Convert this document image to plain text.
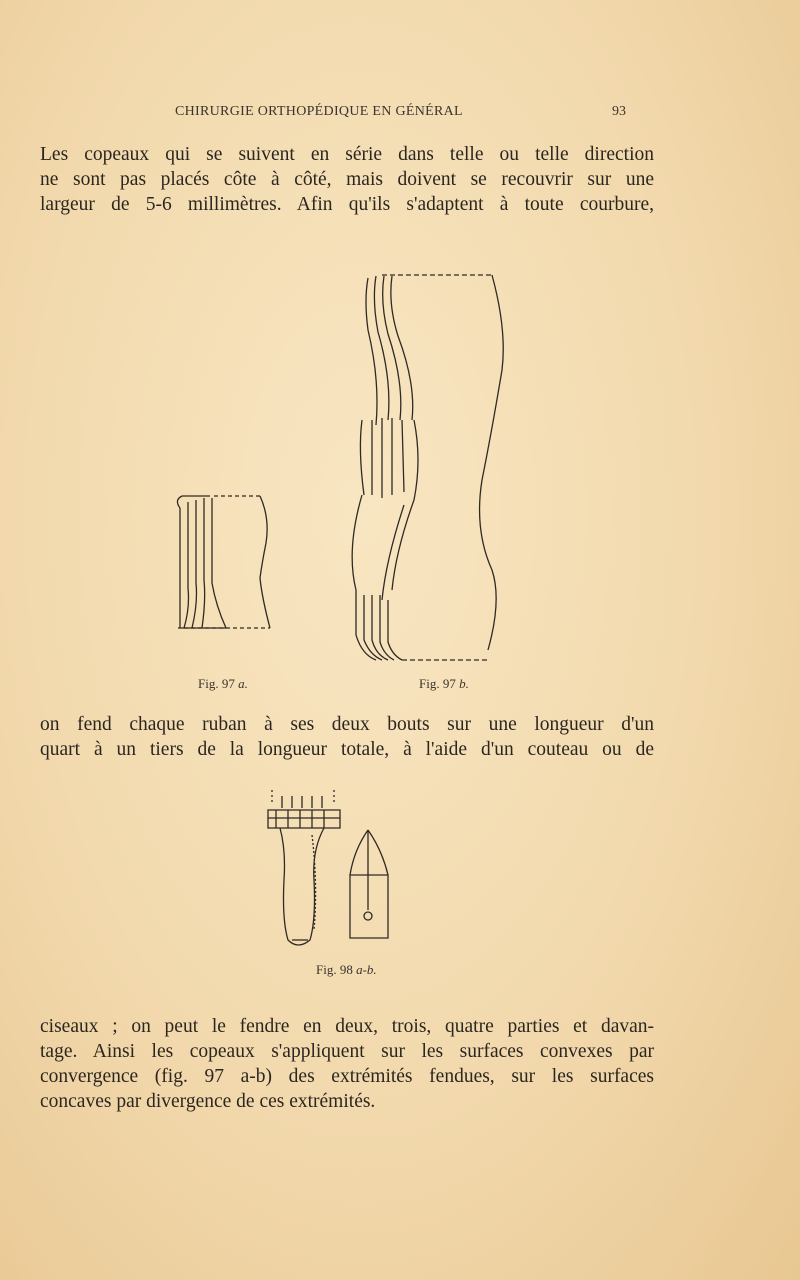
CHIRURGIE ORTHOPÉDIQUE EN GÉNÉRAL	93

Les copeaux qui se suivent en série dans telle ou telle direction
ne sont pas placés côte à côté, mais doivent se recouvrir sur une
largeur de 5-6 millimètres. Afin qu'ils s'adaptent à toute courbure,

Fig. 97 a.	Fig. 97 b.

on fend chaque ruban à ses deux bouts sur une longueur d'un
quart à un tiers de la longueur totale, à l'aide d'un couteau ou de

Fig. 98 a-b.

ciseaux ; on peut le fendre en deux, trois, quatre parties et davan-
tage. Ainsi les copeaux s'appliquent sur les surfaces convexes par
convergence (fig. 97 a-b) des extrémités fendues, sur les surfaces
concaves par divergence de ces extrémités.
